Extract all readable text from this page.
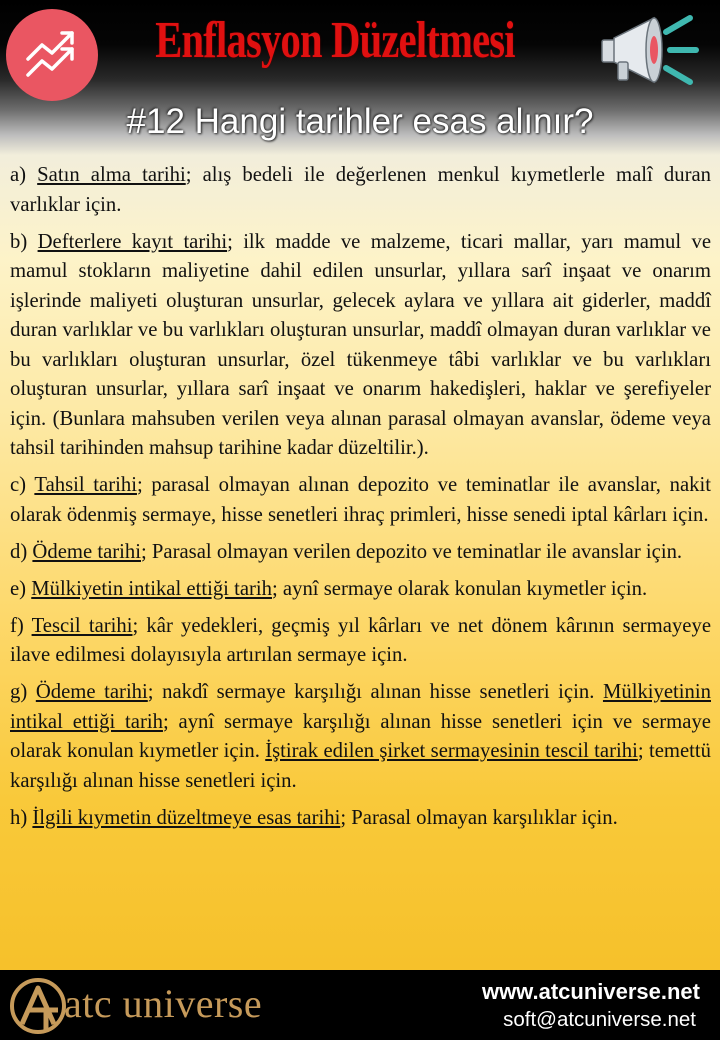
Enflasyon Düzeltmesi
#12 Hangi tarihler esas alınır?

a) Satın alma tarihi; alış bedeli ile değerlenen menkul kıymetlerle malî duran varlıklar için.

b) Defterlere kayıt tarihi; ilk madde ve malzeme, ticari mallar, yarı mamul ve mamul stokların maliyetine dahil edilen unsurlar, yıllara sarî inşaat ve onarım işlerinde maliyeti oluşturan unsurlar, gelecek aylara ve yıllara ait giderler, maddî duran varlıklar ve bu varlıkları oluşturan unsurlar, maddî olmayan duran varlıklar ve bu varlıkları oluşturan unsurlar, özel tükenmeye tâbi varlıklar ve bu varlıkları oluşturan unsurlar, yıllara sarî inşaat ve onarım hakedişleri, haklar ve şerefiyeler için. (Bunlara mahsuben verilen veya alınan parasal olmayan avanslar, ödeme veya tahsil tarihinden mahsup tarihine kadar düzeltilir.).

c) Tahsil tarihi; parasal olmayan alınan depozito ve teminatlar ile avanslar, nakit olarak ödenmiş sermaye, hisse senetleri ihraç primleri, hisse senedi iptal kârları için.

d) Ödeme tarihi; Parasal olmayan verilen depozito ve teminatlar ile avanslar için.

e) Mülkiyetin intikal ettiği tarih; aynî sermaye olarak konulan kıymetler için.

f) Tescil tarihi; kâr yedekleri, geçmiş yıl kârları ve net dönem kârının sermayeye ilave edilmesi dolayısıyla artırılan sermaye için.

g) Ödeme tarihi; nakdî sermaye karşılığı alınan hisse senetleri için. Mülkiyetinin intikal ettiği tarih; aynî sermaye karşılığı alınan hisse senetleri için ve sermaye olarak konulan kıymetler için. İştirak edilen şirket sermayesinin tescil tarihi; temettü karşılığı alınan hisse senetleri için.

h) İlgili kıymetin düzeltmeye esas tarihi; Parasal olmayan karşılıklar için.

atc universe	www.atcuniverse.net
soft@atcuniverse.net
